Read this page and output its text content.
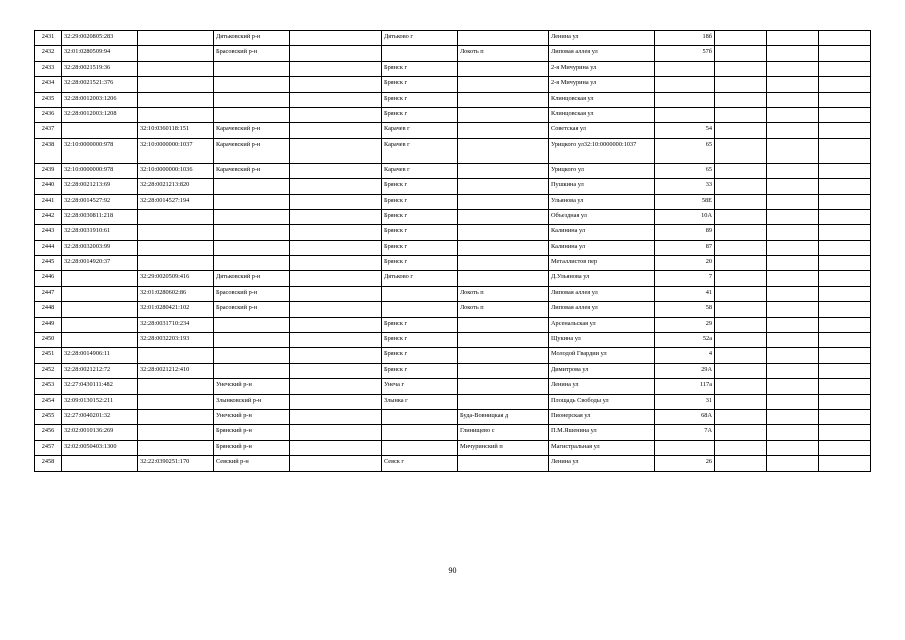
2431	32:29:0020805:283		Дятьковский р-н		Дятьково г		Ленина ул	18б			
2432	32:01:0280509:94		Брасовский р-н			Локоть п	Липовая аллея ул	57б			
2433	32:28:0021519:36				Брянск г		2-я Мичурина ул				
2434	32:28:0021521:376				Брянск г		2-я Мичурина ул				
2435	32:28:0012003:1206				Брянск г		Клинцовская ул				
2436	32:28:0012003:1208				Брянск г		Клинцовская ул				
2437		32:10:0360118:151	Карачевский р-н		Карачев г		Советская ул	54			
2438	32:10:0000000:978	32:10:0000000:1037	Карачевский р-н		Карачев г		Урицкого ул32:10:0000000:1037	65			
2439	32:10:0000000:978	32:10:0000000:1036	Карачевский р-н		Карачев г		Урицкого ул	65			
2440	32:28:0021213:69	32:28:0021213:820			Брянск г		Пушкина ул	33			
2441	32:28:0014527:92	32:28:0014527:194			Брянск г		Ульянова ул	58Е			
2442	32:28:0030811:218				Брянск г		Объездная ул	10А			
2443	32:28:0031910:61				Брянск г		Калинина ул	89			
2444	32:28:0032003:99				Брянск г		Калинина ул	87			
2445	32:28:0014920:37				Брянск г		Металлистов пер	20			
2446		32:29:0020509:416	Дятьковский р-н		Дятьково г		Д.Ульянова ул	7			
2447		32:01:0280602:86	Брасовский р-н			Локоть п	Липовая аллея ул	41			
2448		32:01:0280421:102	Брасовский р-н			Локоть п	Липовая аллея ул	58			
2449		32:28:0031710:234			Брянск г		Арсенальская ул	29			
2450		32:28:0032203:193			Брянск г		Щукина ул	52а			
2451	32:28:0014906:11				Брянск г		Молодой Гвардии ул	4			
2452	32:28:0021212:72	32:28:0021212:410			Брянск г		Димитрова ул	29А			
2453	32:27:0430111:482		Унечский р-н		Унеча г		Ленина ул	117а			
2454	32:09:0130152:211		Злынковский р-н		Злынка г		Площадь Свободы ул	31			
2455	32:27:0040201:32		Унечский р-н			Буда-Вовницкая д	Пионерская ул	68А			
2456	32:02:0010136:269		Брянский р-н			Глинищево с	П.М.Яшенина ул	7А			
2457	32:02:0050403:1300		Брянский р-н			Мичуринский п	Магистральная ул				
2458		32:22:0390251:170	Севский р-н		Севск г		Ленина ул	26			
90
